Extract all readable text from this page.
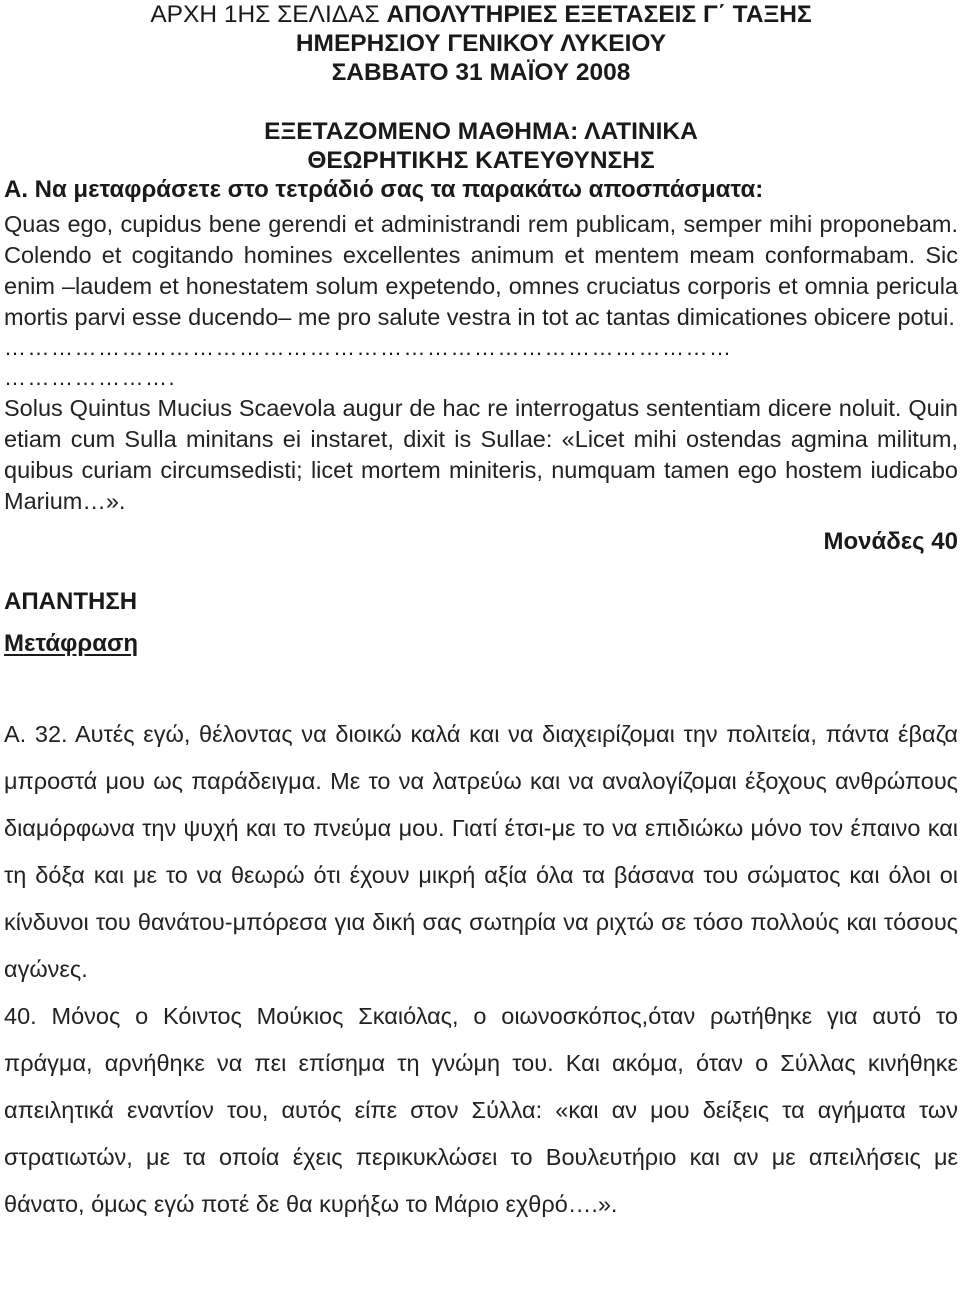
ΑΡΧΗ 1ΗΣ ΣΕΛΙΔΑΣ ΑΠΟΛΥΤΗΡΙΕΣ ΕΞΕΤΑΣΕΙΣ Γ΄ ΤΑΞΗΣ

ΗΜΕΡΗΣΙΟΥ ΓΕΝΙΚΟΥ ΛΥΚΕΙΟΥ

ΣΑΒΒΑΤΟ 31 ΜΑΪΟΥ 2008

ΕΞΕΤΑΖΟΜΕΝΟ ΜΑΘΗΜΑ: ΛΑΤΙΝΙΚΑ

ΘΕΩΡΗΤΙΚΗΣ ΚΑΤΕΥΘΥΝΣΗΣ

Α. Να μεταφράσετε στο τετράδιό σας τα παρακάτω αποσπάσματα:

Quas ego, cupidus bene gerendi et administrandi rem publicam, semper mihi proponebam. Colendo et cogitando homines excellentes animum et mentem meam conformabam. Sic enim –laudem et honestatem solum expetendo, omnes cruciatus corporis et omnia pericula mortis parvi esse ducendo– me pro salute vestra in tot ac tantas dimicationes obicere potui.

…………………………………………………………………………………

………………….

Solus Quintus Mucius Scaevola augur de hac re interrogatus sententiam dicere noluit. Quin etiam cum Sulla minitans ei instaret, dixit is Sullae: «Licet mihi ostendas agmina militum, quibus curiam circumsedisti; licet mortem miniteris, numquam tamen ego hostem iudicabo Marium…».

Μονάδες 40

ΑΠΑΝΤΗΣΗ

Μετάφραση

Α. 32. Αυτές εγώ, θέλοντας να διοικώ καλά και να διαχειρίζομαι την πολιτεία, πάντα έβαζα μπροστά μου ως παράδειγμα. Με το να λατρεύω και να αναλογίζομαι έξοχους ανθρώπους διαμόρφωνα την ψυχή και το πνεύμα μου. Γιατί έτσι-με το να επιδιώκω μόνο τον έπαινο και τη δόξα και με το να θεωρώ ότι έχουν μικρή αξία όλα τα βάσανα του σώματος και όλοι οι κίνδυνοι του θανάτου-μπόρεσα για δική σας σωτηρία να ριχτώ σε τόσο πολλούς και τόσους αγώνες.

40. Μόνος ο Κόιντος Μούκιος Σκαιόλας, ο οιωνοσκόπος,όταν ρωτήθηκε για αυτό το πράγμα, αρνήθηκε να πει επίσημα τη γνώμη του. Και ακόμα, όταν ο Σύλλας κινήθηκε απειλητικά εναντίον του, αυτός είπε στον Σύλλα: «και αν μου δείξεις τα αγήματα των στρατιωτών, με τα οποία έχεις περικυκλώσει το Βουλευτήριο και αν με απειλήσεις με θάνατο, όμως εγώ ποτέ δε θα κυρήξω το Μάριο εχθρό….».
